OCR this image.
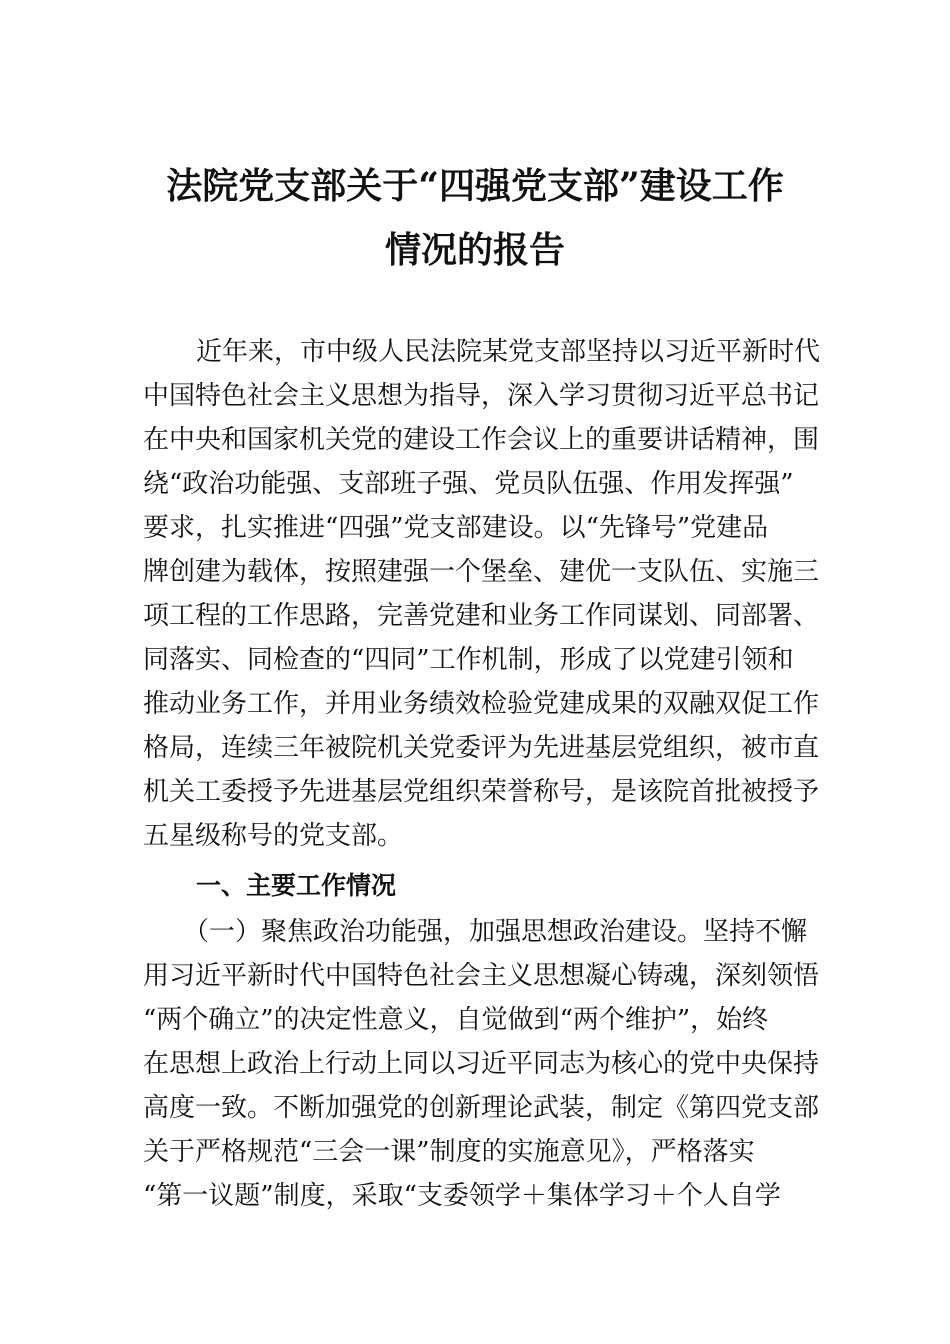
法院党支部关于“四强党支部”建设工作
情况的报告
近年来，市中级人民法院某党支部坚持以习近平新时代
中国特色社会主义思想为指导，深入学习贯彻习近平总书记
在中央和国家机关党的建设工作会议上的重要讲话精神，围
绕“政治功能强、支部班子强、党员队伍强、作用发挥强”
要求，扎实推进“四强”党支部建设。以“先锋号”党建品
牌创建为载体，按照建强一个堡垒、建优一支队伍、实施三
项工程的工作思路，完善党建和业务工作同谋划、同部署、
同落实、同检查的“四同”工作机制，形成了以党建引领和
推动业务工作，并用业务绩效检验党建成果的双融双促工作
格局，连续三年被院机关党委评为先进基层党组织，被市直
机关工委授予先进基层党组织荣誉称号，是该院首批被授予
五星级称号的党支部。
一、主要工作情况
（一）聚焦政治功能强，加强思想政治建设。坚持不懈
用习近平新时代中国特色社会主义思想凝心铸魂，深刻领悟
“两个确立”的决定性意义，自觉做到“两个维护”，始终
在思想上政治上行动上同以习近平同志为核心的党中央保持
高度一致。不断加强党的创新理论武装，制定《第四党支部
关于严格规范“三会一课”制度的实施意见》，严格落实
“第一议题”制度，采取“支委领学＋集体学习＋个人自学
